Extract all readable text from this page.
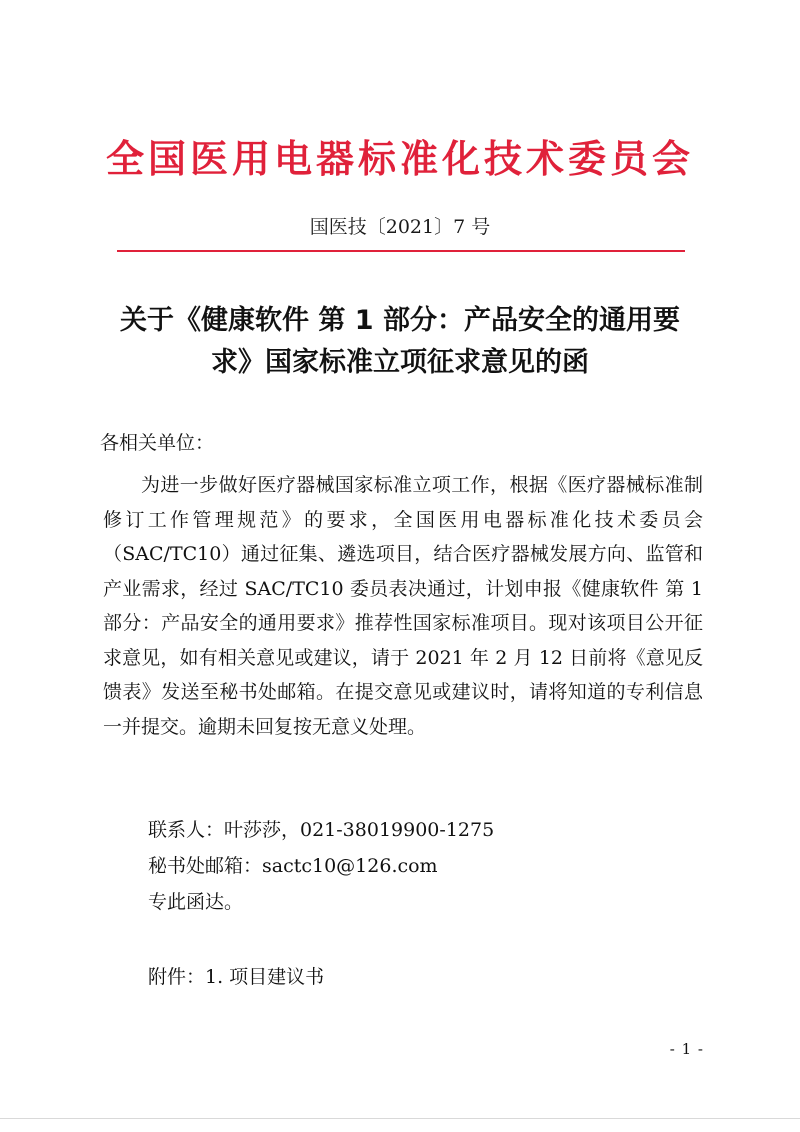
全国医用电器标准化技术委员会
国医技〔2021〕7 号
关于《健康软件 第 1 部分：产品安全的通用要
求》国家标准立项征求意见的函
各相关单位：
为进一步做好医疗器械国家标准立项工作，根据《医疗器械标准制修订工作管理规范》的要求，全国医用电器标准化技术委员会（SAC/TC10）通过征集、遴选项目，结合医疗器械发展方向、监管和产业需求，经过 SAC/TC10 委员表决通过，计划申报《健康软件 第 1 部分：产品安全的通用要求》推荐性国家标准项目。现对该项目公开征求意见，如有相关意见或建议，请于 2021 年 2 月 12 日前将《意见反馈表》发送至秘书处邮箱。在提交意见或建议时，请将知道的专利信息一并提交。逾期未回复按无意义处理。
联系人：叶莎莎，021-38019900-1275
秘书处邮箱：sactc10@126.com
专此函达。
附件：1. 项目建议书
- 1 -
